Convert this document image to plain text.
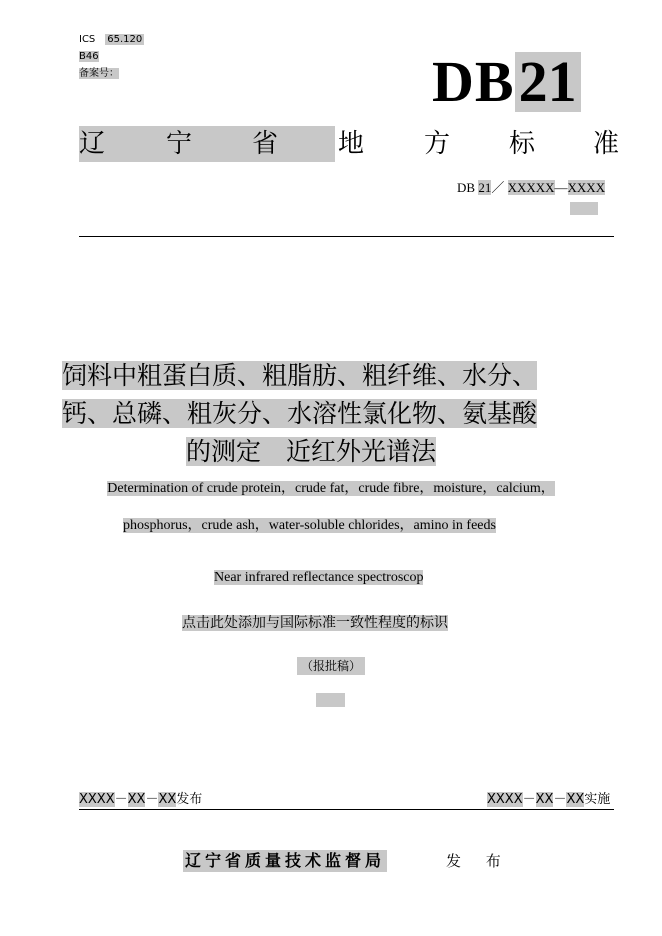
ICS 65.120
B46
备案号：	DB 21
辽 宁 省 地 方 标 准
DB 21／ XXXXX—XXXX
饲料中粗蛋白质、粗脂肪、粗纤维、水分、
钙、总磷、粗灰分、水溶性氯化物、氨基酸
的测定　近红外光谱法
Determination of crude protein，crude fat，crude fibre，moisture，calcium，
phosphorus，crude ash，water-soluble chlorides，amino in feeds
Near infrared reflectance spectroscop
点击此处添加与国际标准一致性程度的标识
（报批稿）
XXXX－XX－XX发布	XXXX－XX－XX实施
辽宁省质量技术监督局	发 布
